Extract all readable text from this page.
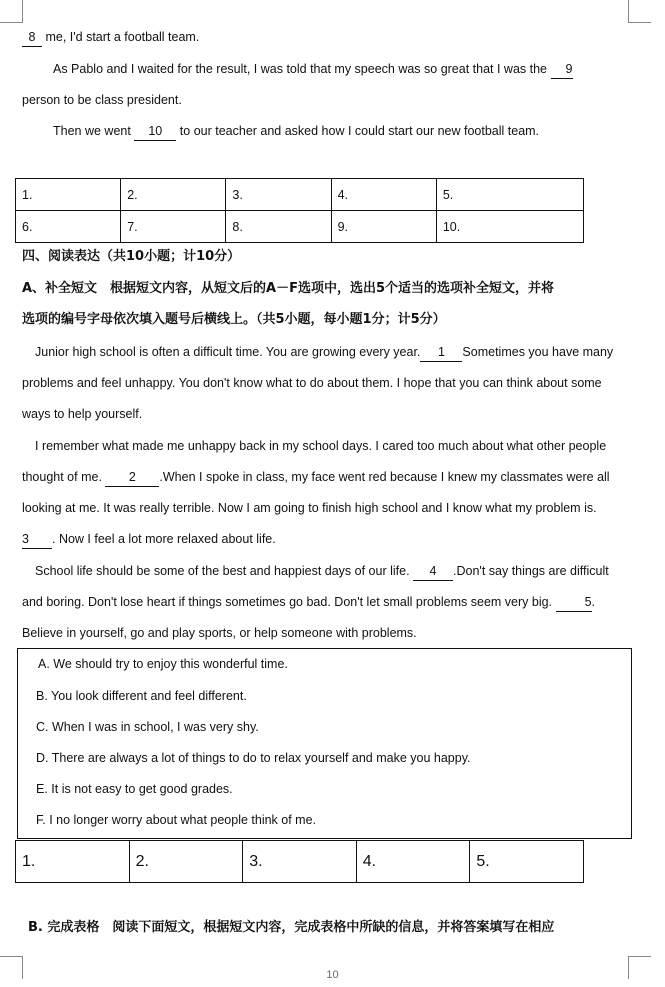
8 me, I'd start a football team.
As Pablo and I waited for the result, I was told that my speech was so great that I was the 9
person to be class president.
Then we went 10 to our teacher and asked how I could start our new football team.
1.	2.	3.	4.	5.
6.	7.	8.	9.	10.
四、阅读表达（共10小题；计10分）
A、补全短文　根据短文内容，从短文后的A－F选项中，选出5个适当的选项补全短文，并将
选项的编号字母依次填入题号后横线上。（共5小题，每小题1分；计5分）
Junior high school is often a difficult time. You are growing every year. 1 Sometimes you have many
problems and feel unhappy. You don't know what to do about them. I hope that you can think about some
ways to help yourself.
I remember what made me unhappy back in my school days. I cared too much about what other people
thought of me. 2 .When I spoke in class, my face went red because I knew my classmates were all
looking at me. It was really terrible. Now I am going to finish high school and I know what my problem is.
3 . Now I feel a lot more relaxed about life.
School life should be some of the best and happiest days of our life. 4 .Don't say things are difficult
and boring. Don't lose heart if things sometimes go bad. Don't let small problems seem very big.	5.
Believe in yourself, go and play sports, or help someone with problems.
A. We should try to enjoy this wonderful time.
B. You look different and feel different.
C. When I was in school, I was very shy.
D. There are always a lot of things to do to relax yourself and make you happy.
E. It is not easy to get good grades.
F. I no longer worry about what people think of me.
1.	2.	3.	4.	5.
B. 完成表格　阅读下面短文，根据短文内容，完成表格中所缺的信息，并将答案填写在相应
10
